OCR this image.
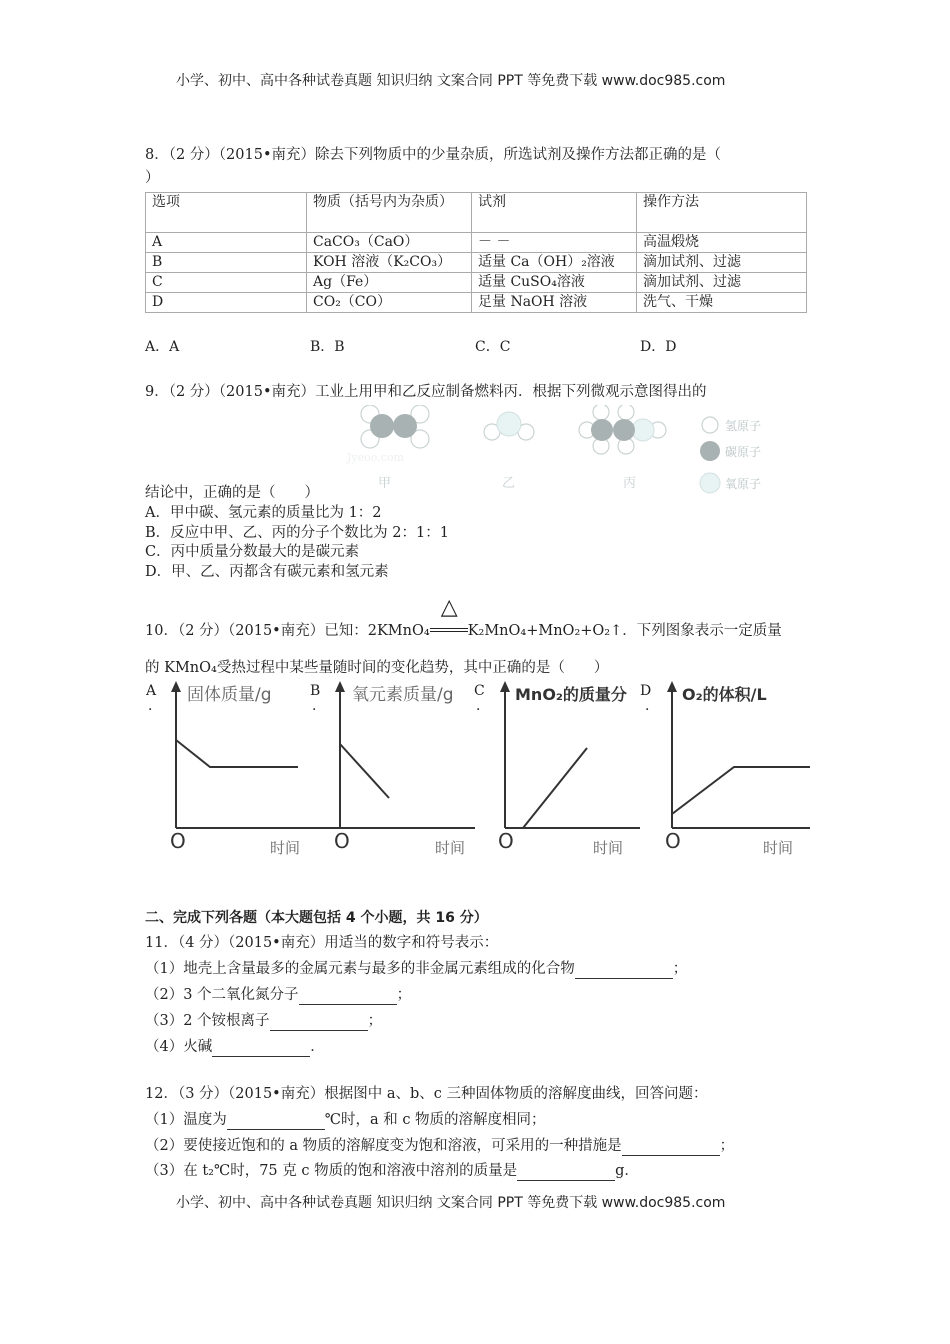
小学、初中、高中各种试卷真题 知识归纳 文案合同 PPT 等免费下载 www.doc985.com
8．（2 分）（2015•南充）除去下列物质中的少量杂质，所选试剂及操作方法都正确的是（
）
选项	物质（括号内为杂质）	试剂	操作方法
A	CaCO₃（CaO）	－ －	高温煅烧
B	KOH 溶液（K₂CO₃）	适量 Ca（OH）₂溶液	滴加试剂、过滤
C	Ag（Fe）	适量 CuSO₄溶液	滴加试剂、过滤
D	CO₂（CO）	足量 NaOH 溶液	洗气、干燥
A．A	B．B	C．C	D．D
9．（2 分）（2015•南充）工业上用甲和乙反应制备燃料丙．根据下列微观示意图得出的
Jyeoo.com
甲	乙	丙
氢原子
碳原子
氧原子
结论中，正确的是（　　）
A．甲中碳、氢元素的质量比为 1：2
B．反应中甲、乙、丙的分子个数比为 2：1：1
C．丙中质量分数最大的是碳元素
D．甲、乙、丙都含有碳元素和氢元素
10．（2 分）（2015•南充）已知：2KMnO₄
△
K₂MnO₄+MnO₂+O₂↑．下列图象表示一定质量
的 KMnO₄受热过程中某些量随时间的变化趋势，其中正确的是（　　）
A
·
固体质量/g
O	时间
B
·
氧元素质量/g
O	时间
C
·
MnO₂的质量分
O	时间
D
·
O₂的体积/L
O	时间
二、完成下列各题（本大题包括 4 个小题，共 16 分）
11．（4 分）（2015•南充）用适当的数字和符号表示：
（1）地壳上含量最多的金属元素与最多的非金属元素组成的化合物	；
（2）3 个二氧化氮分子	；
（3）2 个铵根离子	；
（4）火碱	．
12．（3 分）（2015•南充）根据图中 a、b、c 三种固体物质的溶解度曲线，回答问题：
（1）温度为	℃时，a 和 c 物质的溶解度相同；
（2）要使接近饱和的 a 物质的溶解度变为饱和溶液，可采用的一种措施是	；
（3）在 t₂℃时，75 克 c 物质的饱和溶液中溶剂的质量是	g．
小学、初中、高中各种试卷真题 知识归纳 文案合同 PPT 等免费下载 www.doc985.com
